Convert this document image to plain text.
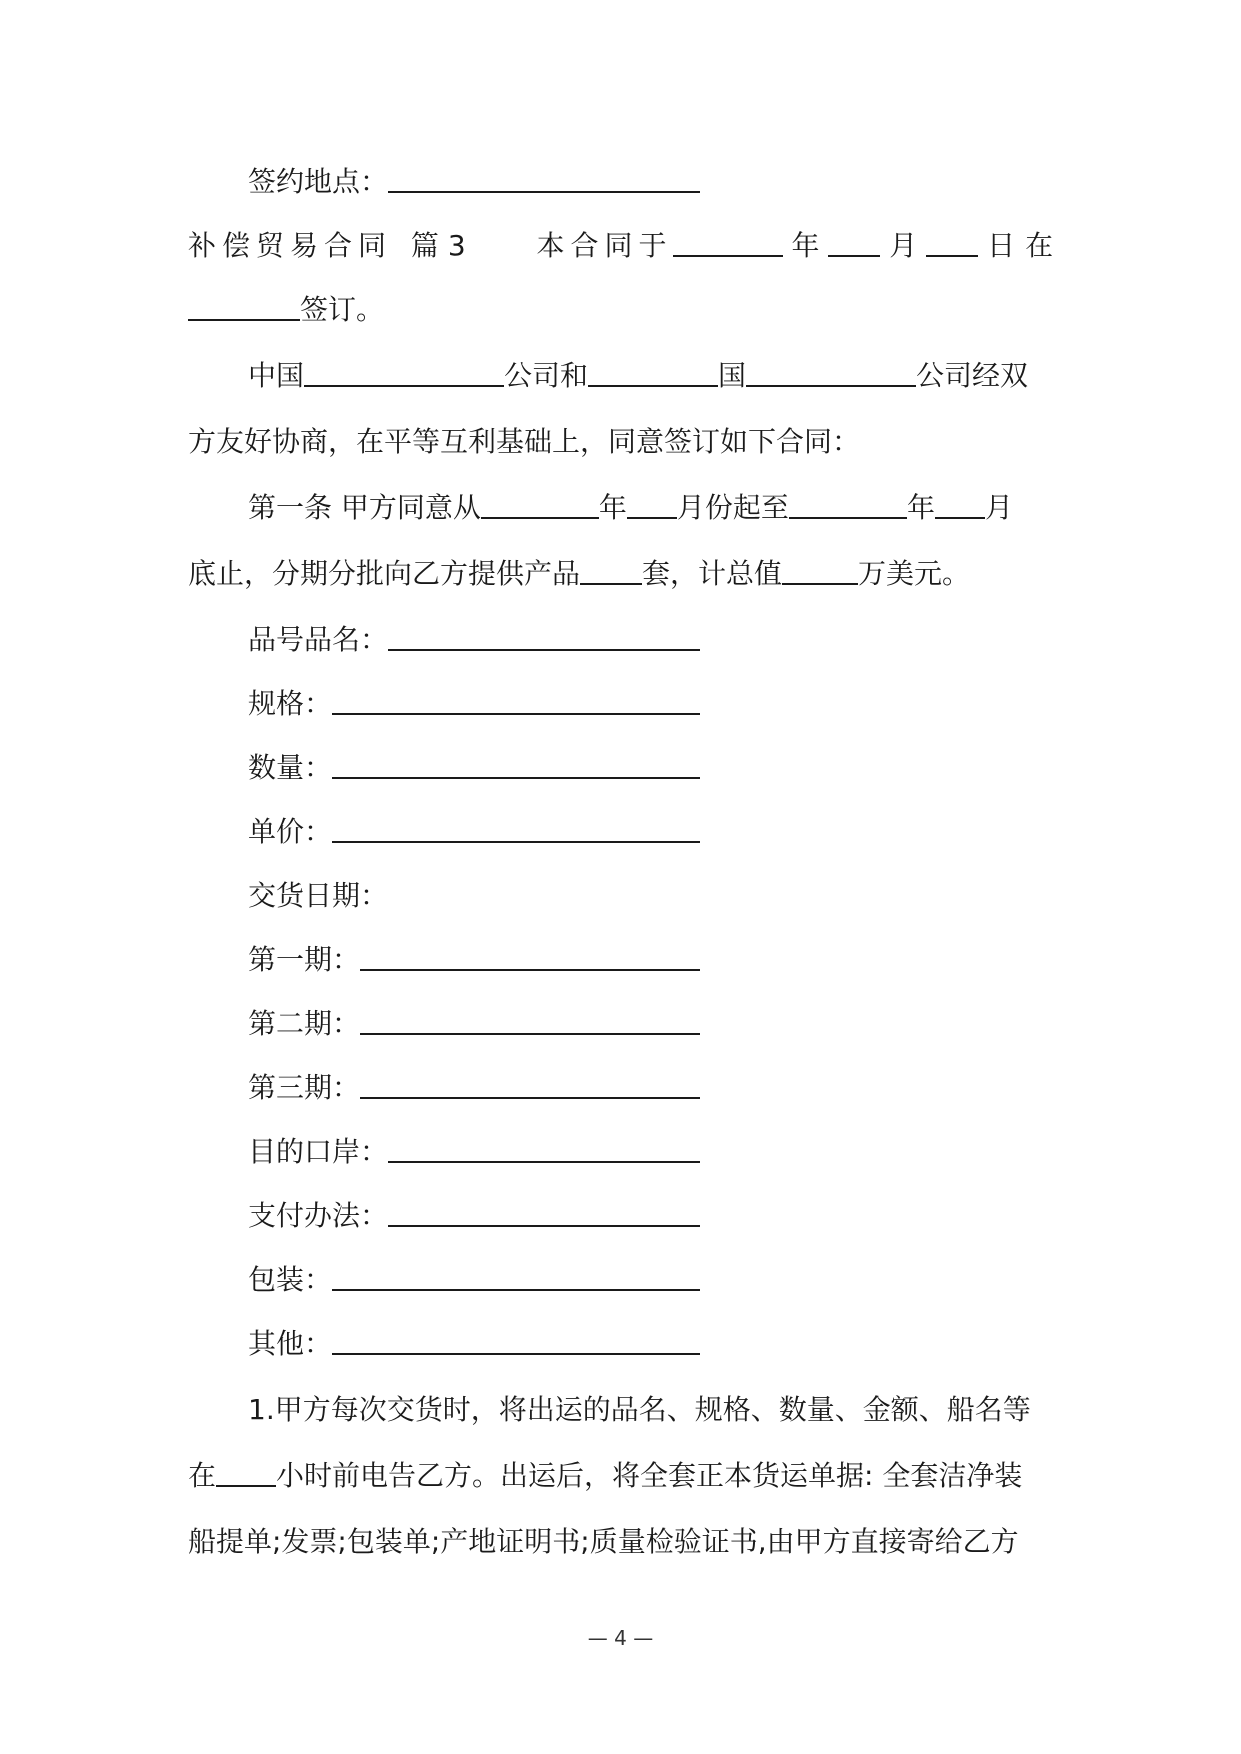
签约地点：
补偿贸易合同 篇 3	本合同于	年 月 日在
签订。
中国	公司和	国	公司经双
方友好协商，在平等互利基础上，同意签订如下合同：
第一条 甲方同意从	年 月份起至	年 月
底止，分期分批向乙方提供产品 套，计总值	万美元。
品号品名：
规格：
数量：
单价：
交货日期：
第一期：
第二期：
第三期：
目的口岸：
支付办法：
包装：
其他：
1.甲方每次交货时，将出运的品名、规格、数量、金额、船名等
在 小时前电告乙方。出运后，将全套正本货运单据: 全套洁净装
船提单;发票;包装单;产地证明书;质量检验证书,由甲方直接寄给乙方
— 4 —
